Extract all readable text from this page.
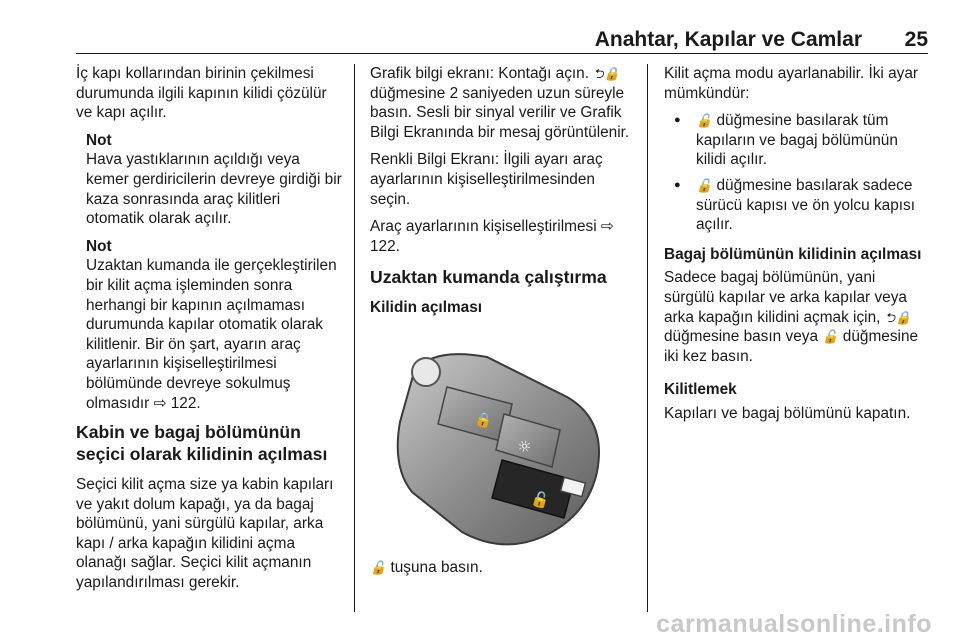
Anahtar, Kapılar ve Camlar 25

İç kapı kollarından birinin çekilmesi durumunda ilgili kapının kilidi çözülür ve kapı açılır.

Not
Hava yastıklarının açıldığı veya kemer gerdiricilerin devreye girdiği bir kaza sonrasında araç kilitleri otomatik olarak açılır.
Not
Uzaktan kumanda ile gerçekleştirilen bir kilit açma işleminden sonra herhangi bir kapının açılmaması durumunda kapılar otomatik olarak kilitlenir. Bir ön şart, ayarın araç ayarlarının kişiselleştirilmesi bölümünde devreye sokulmuş olmasıdır ⇨ 122.
Kabin ve bagaj bölümünün seçici olarak kilidinin açılması

Seçici kilit açma size ya kabin kapıları ve yakıt dolum kapağı, ya da bagaj bölümünü, yani sürgülü kapılar, arka kapı / arka kapağın kilidini açma olanağı sağlar. Seçici kilit açmanın yapılandırılması gerekir.

Grafik bilgi ekranı: Kontağı açın. ⮌🔒 düğmesine 2 saniyeden uzun süreyle basın. Sesli bir sinyal verilir ve Grafik Bilgi Ekranında bir mesaj görüntülenir.

Renkli Bilgi Ekranı: İlgili ayarı araç ayarlarının kişiselleştirilmesinden seçin.

Araç ayarlarının kişiselleştirilmesi ⇨ 122.

Uzaktan kumanda çalıştırma
Kilidin açılması
🔒
☼
🔓
🔓 tuşuna basın.

Kilit açma modu ayarlanabilir. İki ayar mümkündür:

● 🔓 düğmesine basılarak tüm kapıların ve bagaj bölümünün kilidi açılır.
● 🔓 düğmesine basılarak sadece sürücü kapısı ve ön yolcu kapısı açılır.
Bagaj bölümünün kilidinin açılması

Sadece bagaj bölümünün, yani sürgülü kapılar ve arka kapılar veya arka kapağın kilidini açmak için, ⮌🔒 düğmesine basın veya 🔓 düğmesine iki kez basın.

Kilitlemek

Kapıları ve bagaj bölümünü kapatın.

carmanualsonline.info
